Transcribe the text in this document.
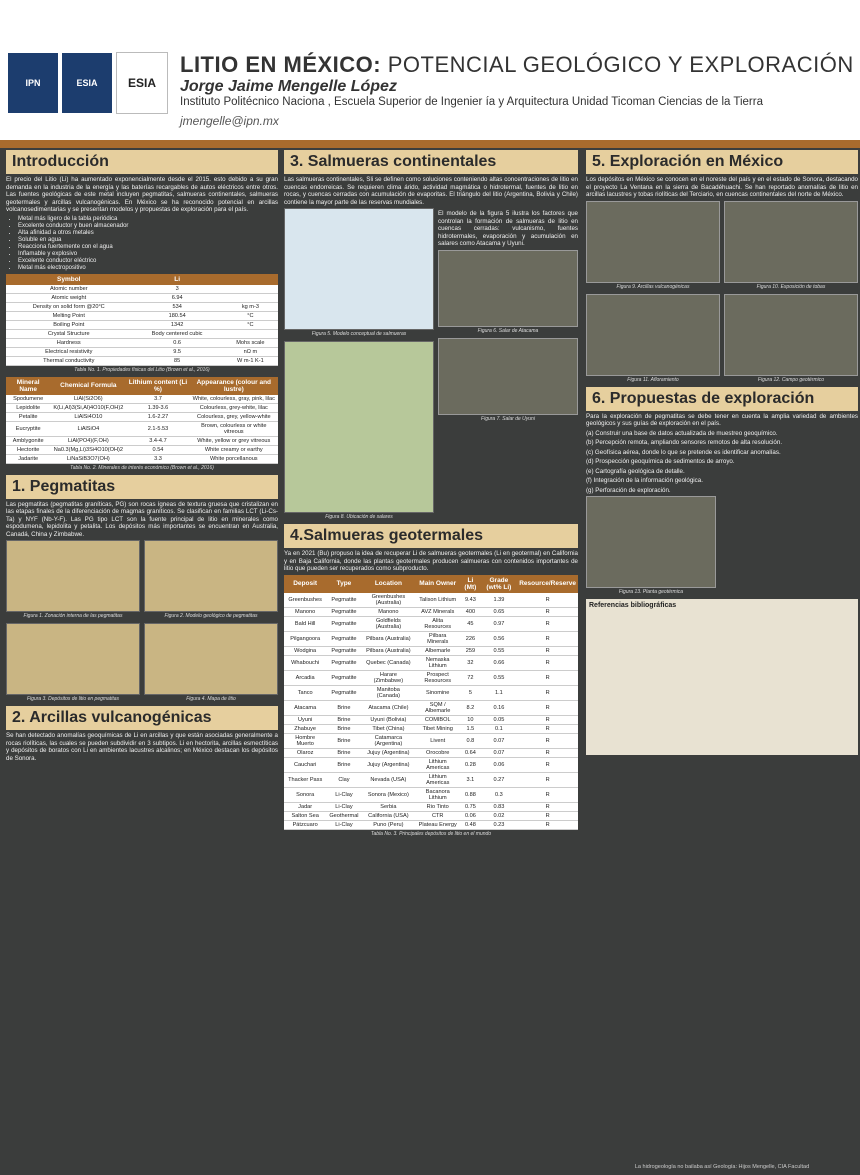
IPN	ESIA	ESIA
LITIO EN MÉXICO: POTENCIAL GEOLÓGICO Y EXPLORACIÓN
Jorge Jaime Mengelle López
Instituto Politécnico Naciona , Escuela Superior de Ingenier ía y Arquitectura Unidad Ticoman Ciencias de la Tierra
jmengelle@ipn.mx
Introducción

El precio del Litio (Li) ha aumentado exponencialmente desde el 2015. esto debido a su gran demanda en la industria de la energía y las baterías recargables de autos eléctricos entre otros. Las fuentes geológicas de este metal incluyen pegmatitas, salmueras continentales, salmueras geotermales y arcillas vulcanogénicas. En México se ha reconocido potencial en arcillas volcanosedimentarias y se presentan modelos y propuestas de exploración para el país.

• Metal más ligero de la tabla periódica
• Excelente conductor y buen almacenador
• Alta afinidad a otros metales
• Soluble en agua
• Reacciona fuertemente con el agua
• Inflamable y explosivo
• Excelente conductor eléctrico
• Metal más electropositivo
Symbol	Li	
Atomic number	3	
Atomic weight	6.94	
Density on solid form @20°C	534	kg m-3
Melting Point	180.54	°C
Boiling Point	1342	°C
Crystal Structure	Body centered cubic	
Hardness	0.6	Mohs scale
Electrical resistivity	9.5	nΩ m
Thermal conductivity	85	W m-1 K-1
Tabla No. 1. Propiedades físicas del Litio (Brown et al., 2016)
Mineral Name	Chemical Formula	Lithium content (Li %)	Appearance (colour and lustre)
Spodumene	LiAl(Si2O6)	3.7	White, colourless, gray, pink, lilac
Lepidolite	K(Li,Al)3(Si,Al)4O10(F,OH)2	1.39-3.6	Colourless, grey-white, lilac
Petalite	LiAlSi4O10	1.6-2.27	Colourless, grey, yellow-white
Eucryptite	LiAlSiO4	2.1-5.53	Brown, colourless or white vitreous
Amblygonite	LiAl(PO4)(F,OH)	3.4-4.7	White, yellow or grey vitreous
Hectorite	Na0.3(Mg,Li)3Si4O10(OH)2	0.54	White creamy or earthy
Jadarite	LiNaSiB3O7(OH)	3.3	White porcellanous
Tabla No. 2. Minerales de interés económico (Brown et al., 2016)
1. Pegmatitas

Las pegmatitas (pegmatitas graníticas, PG) son rocas ígneas de textura gruesa que cristalizan en las etapas finales de la diferenciación de magmas graníticos. Se clasifican en familias LCT (Li-Cs-Ta) y NYF (Nb-Y-F). Las PG tipo LCT son la fuente principal de litio en minerales como espodumena, lepidolita y petalita. Los depósitos más importantes se encuentran en Australia, Canadá, China y Zimbabwe.

Figura 1. Zonación interna de las pegmatitas	Figura 2. Modelo geológico de pegmatitas
Figura 3. Depósitos de litio en pegmatitas	Figura 4. Mapa de litio
2. Arcillas vulcanogénicas

Se han detectado anomalías geoquímicas de Li en arcillas y que están asociadas generalmente a rocas riolíticas, las cuales se pueden subdividir en 3 subtipos. Li en hectorita, arcillas esmectíticas y depósitos de boratos con Li en ambientes lacustres alcalinos; en México destacan los depósitos de Sonora.

3. Salmueras continentales

Las salmueras continentales, Sli se definen como soluciones conteniendo altas concentraciones de litio en cuencas endorreicas. Se requieren clima árido, actividad magmática o hidrotermal, fuentes de litio en rocas, y cuencas cerradas con acumulación de evaporitas. El triángulo del litio (Argentina, Bolivia y Chile) contiene la mayor parte de las reservas mundiales.

Figura 5. Modelo conceptual de salmueras
Figura 8. Ubicación de salares

El modelo de la figura 5 ilustra los factores que controlan la formación de salmueras de litio en cuencas cerradas: vulcanismo, fuentes hidrotermales, evaporación y acumulación en salares como Atacama y Uyuni.

Figura 6. Salar de Atacama
Figura 7. Salar de Uyuni
4.Salmueras geotermales

Ya en 2021 (Bu) propuso la idea de recuperar Li de salmueras geotermales (Li en geotermal) en California y en Baja California, donde las plantas geotermales producen salmueras con contenidos importantes de litio que pueden ser recuperados como subproducto.

Deposit	Type	Location	Main Owner	Li (Mt)	Grade (wt% Li)	Resource/Reserve
Greenbushes	Pegmatite	Greenbushes (Australia)	Talison Lithium	9.43	1.39	R
Manono	Pegmatite	Manono	AVZ Minerals	400	0.65	R
Bald Hill	Pegmatite	Goldfields (Australia)	Alita Resources	45	0.97	R
Pilgangoora	Pegmatite	Pilbara (Australia)	Pilbara Minerals	226	0.56	R
Wodgina	Pegmatite	Pilbara (Australia)	Albemarle	259	0.55	R
Whabouchi	Pegmatite	Quebec (Canada)	Nemaska Lithium	32	0.66	R
Arcadia	Pegmatite	Harare (Zimbabwe)	Prospect Resources	72	0.55	R
Tanco	Pegmatite	Manitoba (Canada)	Sinomine	5	1.1	R
Atacama	Brine	Atacama (Chile)	SQM / Albemarle	8.2	0.16	R
Uyuni	Brine	Uyuni (Bolivia)	COMIBOL	10	0.05	R
Zhabuye	Brine	Tibet (China)	Tibet Mining	1.5	0.1	R
Hombre Muerto	Brine	Catamarca (Argentina)	Livent	0.8	0.07	R
Olaroz	Brine	Jujuy (Argentina)	Orocobre	0.64	0.07	R
Cauchari	Brine	Jujuy (Argentina)	Lithium Americas	0.28	0.06	R
Thacker Pass	Clay	Nevada (USA)	Lithium Americas	3.1	0.27	R
Sonora	Li-Clay	Sonora (Mexico)	Bacanora Lithium	0.88	0.3	R
Jadar	Li-Clay	Serbia	Rio Tinto	0.75	0.83	R
Salton Sea	Geothermal	California (USA)	CTR	0.06	0.02	R
Pátzcuaro	Li-Clay	Puno (Peru)	Plateau Energy	0.48	0.23	R
Tabla No. 3. Principales depósitos de litio en el mundo
5. Exploración en México

Los depósitos en México se conocen en el noreste del país y en el estado de Sonora, destacando el proyecto La Ventana en la sierra de Bacadéhuachi. Se han reportado anomalías de litio en arcillas lacustres y tobas riolíticas del Terciario, en cuencas continentales del norte de México.

Figura 9. Arcillas vulcanogénicas	Figura 10. Exposición de tobas
Figura 11. Afloramiento	Figura 12. Campo geotérmico
6. Propuestas de exploración

Para la exploración de pegmatitas se debe tener en cuenta la amplia variedad de ambientes geológicos y sus guías de exploración en el país.

(a) Construir una base de datos actualizada de muestreo geoquímico.

(b) Percepción remota, ampliando sensores remotos de alta resolución.

(c) Geofísica aérea, donde lo que se pretende es identificar anomalías.

(d) Prospección geoquímica de sedimentos de arroyo.

(e) Cartografía geológica de detalle.

(f) Integración de la información geológica.

(g) Perforación de exploración.

Figura 13. Planta geotérmica
Referencias bibliográficas
La hidrogeología no bailaba así Geología: Hijos Mengelle, CIA Facultad
